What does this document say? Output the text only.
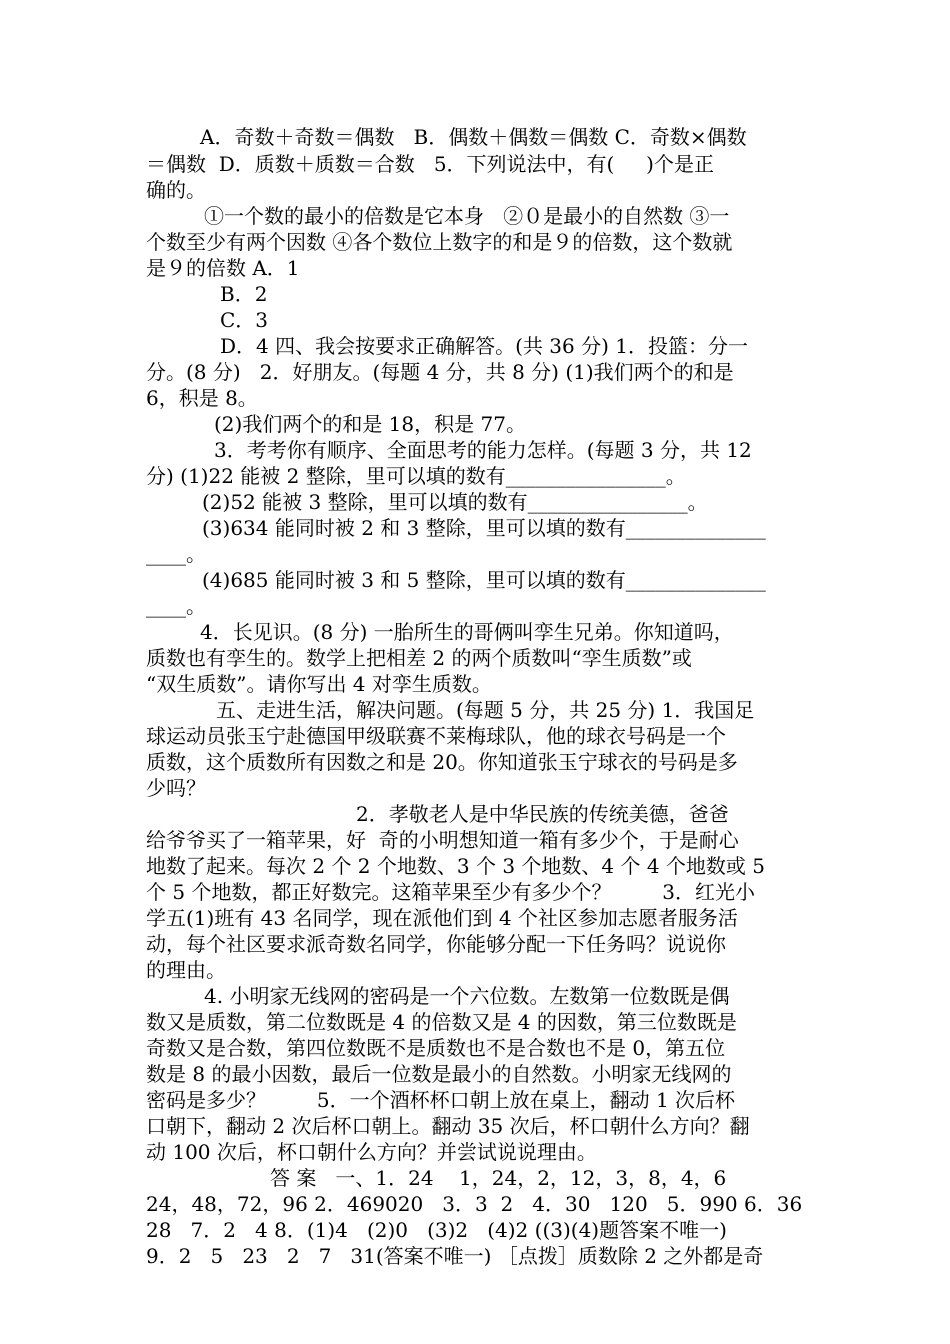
A．奇数＋奇数＝偶数   B．偶数＋偶数＝偶数 C．奇数×偶数
＝偶数  D．质数＋质数＝合数   5．下列说法中，有(     )个是正
确的。
①一个数的最小的倍数是它本身   ②０是最小的自然数 ③一
个数至少有两个因数 ④各个数位上数字的和是９的倍数，这个数就
是９的倍数 A．1
B．2
C．3
D．4 四、我会按要求正确解答。(共 36 分) 1．投篮：分一
分。(8 分)   2．好朋友。(每题 4 分，共 8 分) (1)我们两个的和是
6，积是 8。
(2)我们两个的和是 18，积是 77。
3．考考你有顺序、全面思考的能力怎样。(每题 3 分，共 12
分) (1)22 能被 2 整除，里可以填的数有________________。
(2)52 能被 3 整除，里可以填的数有________________。
(3)634 能同时被 2 和 3 整除，里可以填的数有______________
____。
(4)685 能同时被 3 和 5 整除，里可以填的数有______________
____。
4．长见识。(8 分) 一胎所生的哥俩叫孪生兄弟。你知道吗，
质数也有孪生的。数学上把相差 2 的两个质数叫“孪生质数”或
“双生质数”。请你写出 4 对孪生质数。
五、走进生活，解决问题。(每题 5 分，共 25 分) 1．我国足
球运动员张玉宁赴德国甲级联赛不莱梅球队，他的球衣号码是一个
质数，这个质数所有因数之和是 20。你知道张玉宁球衣的号码是多
少吗？
2．孝敬老人是中华民族的传统美德，爸爸
给爷爷买了一箱苹果，好  奇的小明想知道一箱有多少个，于是耐心
地数了起来。每次 2 个 2 个地数、3 个 3 个地数、4 个 4 个地数或 5
个 5 个地数，都正好数完。这箱苹果至少有多少个？        3．红光小
学五(1)班有 43 名同学，现在派他们到 4 个社区参加志愿者服务活
动，每个社区要求派奇数名同学，你能够分配一下任务吗？说说你
的理由。
4. 小明家无线网的密码是一个六位数。左数第一位数既是偶
数又是质数，第二位数既是 4 的倍数又是 4 的因数，第三位数既是
奇数又是合数，第四位数既不是质数也不是合数也不是 0，第五位
数是 8 的最小因数，最后一位数是最小的自然数。小明家无线网的
密码是多少？        5．一个酒杯杯口朝上放在桌上，翻动 1 次后杯
口朝下，翻动 2 次后杯口朝上。翻动 35 次后，杯口朝什么方向？翻
动 100 次后，杯口朝什么方向？并尝试说说理由。
答 案   一、1．24    1，24，2，12，3，8，4，6
24，48，72，96 2．469020   3．3  2   4．30   120   5．990 6．36
28   7．2   4 8．(1)4   (2)0   (3)2   (4)2 ((3)(4)题答案不唯一)
9．2   5   23   2   7   31(答案不唯一) ［点拨］质数除 2 之外都是奇
